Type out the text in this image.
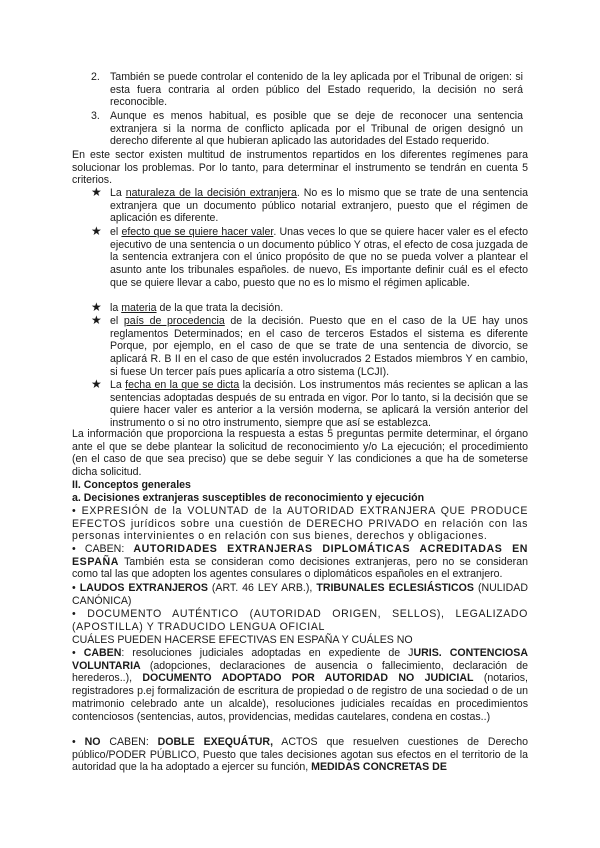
2. También se puede controlar el contenido de la ley aplicada por el Tribunal de origen: si esta fuera contraria al orden público del Estado requerido, la decisión no será reconocible.
3. Aunque es menos habitual, es posible que se deje de reconocer una sentencia extranjera si la norma de conflicto aplicada por el Tribunal de origen designó un derecho diferente al que hubieran aplicado las autoridades del Estado requerido.
En este sector existen multitud de instrumentos repartidos en los diferentes regímenes para solucionar los problemas. Por lo tanto, para determinar el instrumento se tendrán en cuenta 5 criterios.
★ La naturaleza de la decisión extranjera. No es lo mismo que se trate de una sentencia extranjera que un documento público notarial extranjero, puesto que el régimen de aplicación es diferente.
★ el efecto que se quiere hacer valer. Unas veces lo que se quiere hacer valer es el efecto ejecutivo de una sentencia o un documento público Y otras, el efecto de cosa juzgada de la sentencia extranjera con el único propósito de que no se pueda volver a plantear el asunto ante los tribunales españoles. de nuevo, Es importante definir cuál es el efecto que se quiere llevar a cabo, puesto que no es lo mismo el régimen aplicable.
★ la materia de la que trata la decisión.
★ el país de procedencia de la decisión. Puesto que en el caso de la UE hay unos reglamentos Determinados; en el caso de terceros Estados el sistema es diferente Porque, por ejemplo, en el caso de que se trate de una sentencia de divorcio, se aplicará R. B II en el caso de que estén involucrados 2 Estados miembros Y en cambio, si fuese Un tercer país pues aplicaría a otro sistema (LCJI).
★ La fecha en la que se dicta la decisión. Los instrumentos más recientes se aplican a las sentencias adoptadas después de su entrada en vigor. Por lo tanto, si la decisión que se quiere hacer valer es anterior a la versión moderna, se aplicará la versión anterior del instrumento o si no otro instrumento, siempre que así se establezca.
La información que proporciona la respuesta a estas 5 preguntas permite determinar, el órgano ante el que se debe plantear la solicitud de reconocimiento y/o La ejecución; el procedimiento (en el caso de que sea preciso) que se debe seguir Y las condiciones a que ha de someterse dicha solicitud.
II. Conceptos generales
a. Decisiones extranjeras susceptibles de reconocimiento y ejecución
• EXPRESIÓN de la VOLUNTAD de la AUTORIDAD EXTRANJERA QUE PRODUCE EFECTOS jurídicos sobre una cuestión de DERECHO PRIVADO en relación con las personas intervinientes o en relación con sus bienes, derechos y obligaciones.
• CABEN: AUTORIDADES EXTRANJERAS DIPLOMÁTICAS ACREDITADAS EN ESPAÑA También esta se consideran como decisiones extranjeras, pero no se consideran como tal las que adopten los agentes consulares o diplomáticos españoles en el extranjero.
• LAUDOS EXTRANJEROS (ART. 46 LEY ARB.), TRIBUNALES ECLESIÁSTICOS (NULIDAD CANÓNICA)
• DOCUMENTO AUTÉNTICO (AUTORIDAD ORIGEN, SELLOS), LEGALIZADO (APOSTILLA) Y TRADUCIDO LENGUA OFICIAL
CUÁLES PUEDEN HACERSE EFECTIVAS EN ESPAÑA Y CUÁLES NO
• CABEN: resoluciones judiciales adoptadas en expediente de JURIS. CONTENCIOSA VOLUNTARIA (adopciones, declaraciones de ausencia o fallecimiento, declaración de herederos..), DOCUMENTO ADOPTADO POR AUTORIDAD NO JUDICIAL (notarios, registradores p.ej formalización de escritura de propiedad o de registro de una sociedad o de un matrimonio celebrado ante un alcalde), resoluciones judiciales recaídas en procedimientos contenciosos (sentencias, autos, providencias, medidas cautelares, condena en costas..)
• NO CABEN: DOBLE EXEQUÁTUR, ACTOS que resuelven cuestiones de Derecho público/PODER PÚBLICO, Puesto que tales decisiones agotan sus efectos en el territorio de la autoridad que la ha adoptado a ejercer su función, MEDIDAS CONCRETAS DE
